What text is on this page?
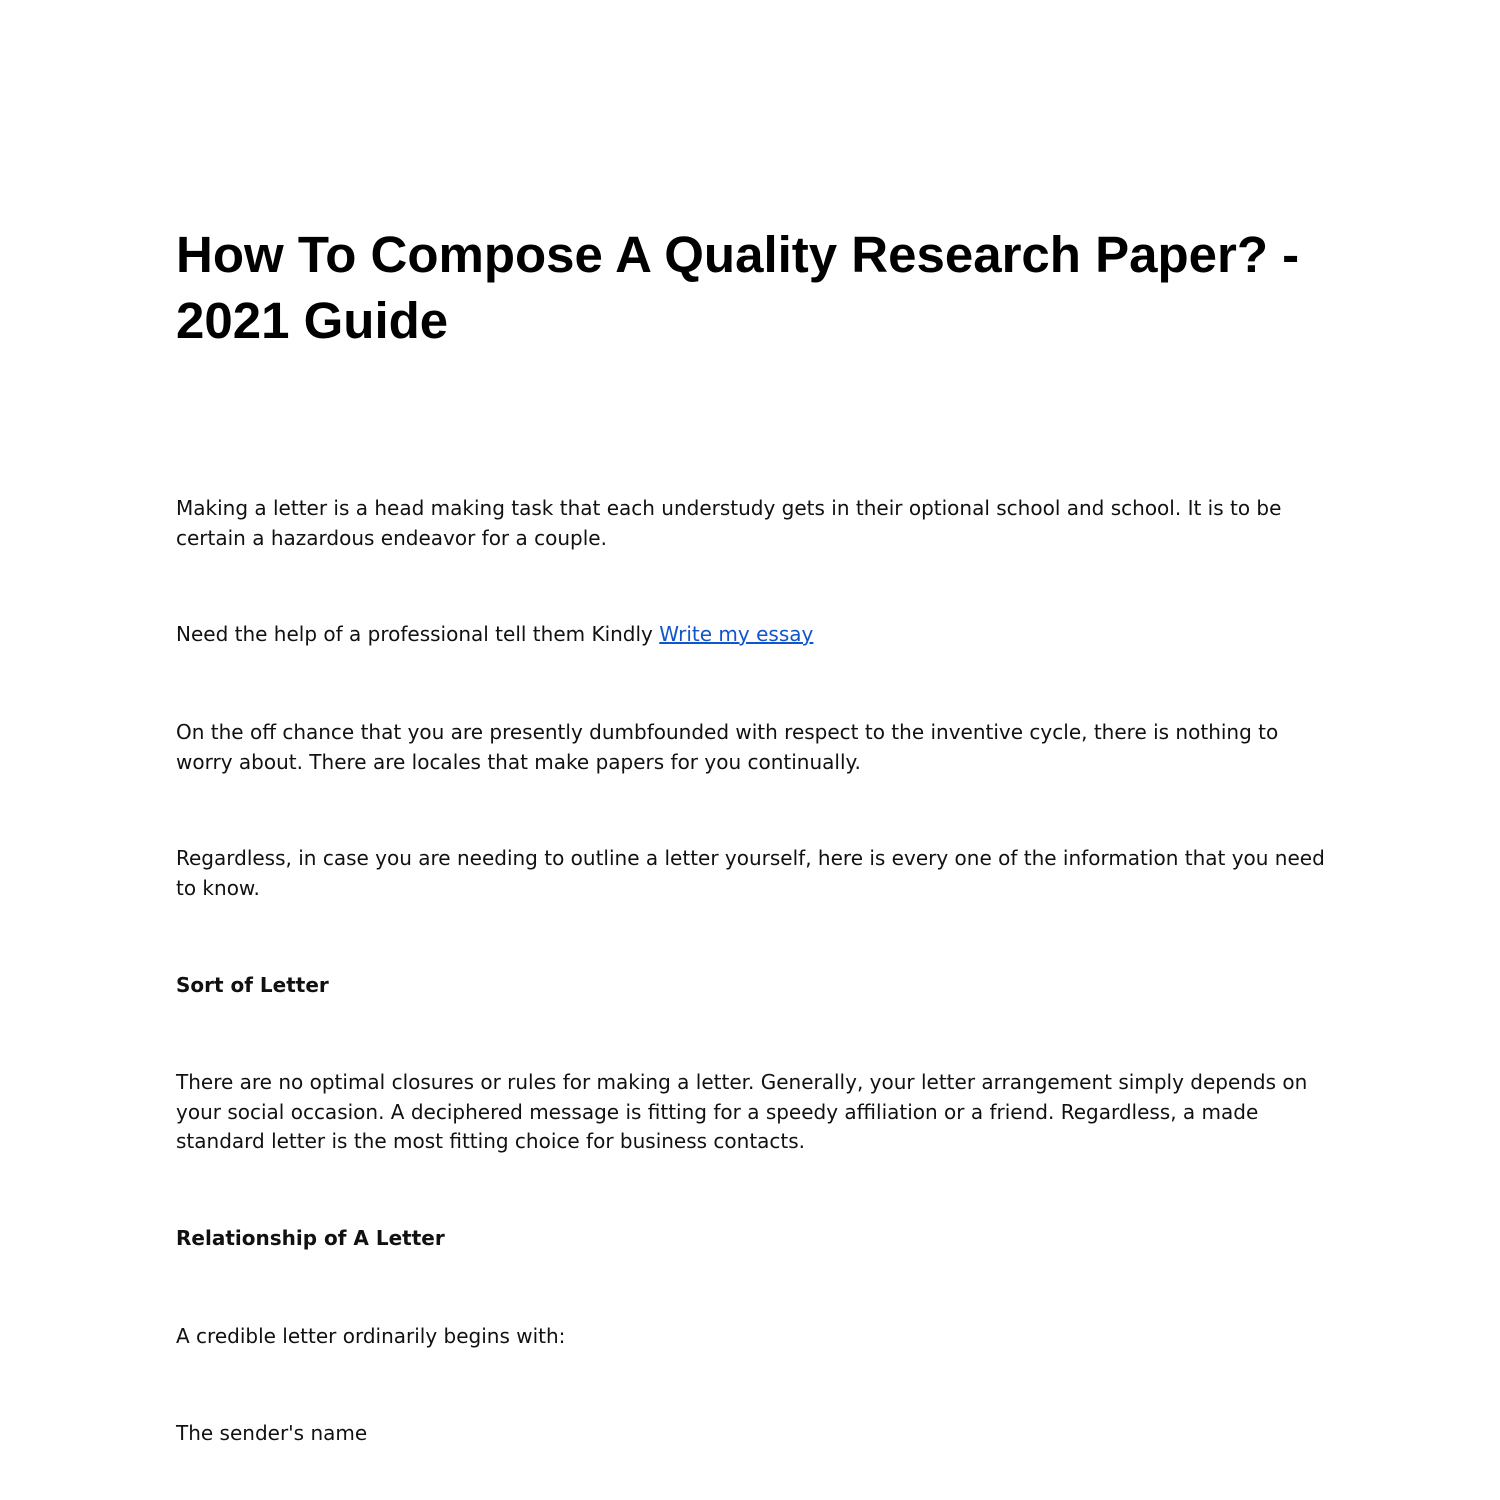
How To Compose A Quality Research Paper? - 2021 Guide

Making a letter is a head making task that each understudy gets in their optional school and school. It is to be certain a hazardous endeavor for a couple.

Need the help of a professional tell them Kindly Write my essay

On the off chance that you are presently dumbfounded with respect to the inventive cycle, there is nothing to worry about. There are locales that make papers for you continually.

Regardless, in case you are needing to outline a letter yourself, here is every one of the information that you need to know.

Sort of Letter

There are no optimal closures or rules for making a letter. Generally, your letter arrangement simply depends on your social occasion. A deciphered message is fitting for a speedy affiliation or a friend. Regardless, a made standard letter is the most fitting choice for business contacts.

Relationship of A Letter

A credible letter ordinarily begins with:

The sender's name
